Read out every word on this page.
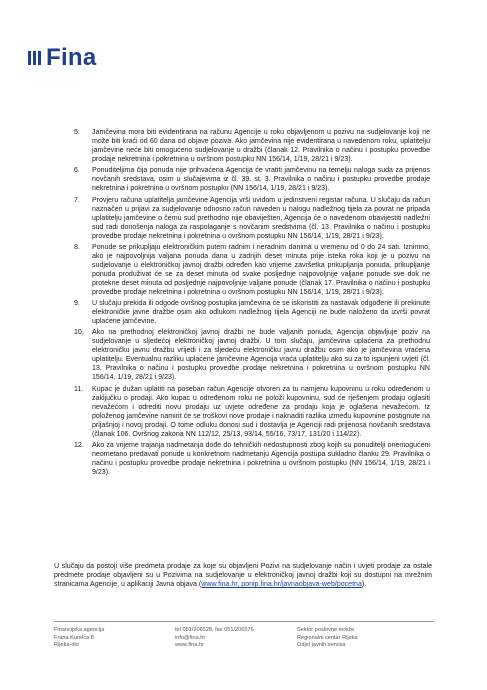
Fina
5.	Jamčevina mora biti evidentirana na računu Agencije u roku objavljenom u pozivu na sudjelovanje koji ne može biti kraći od 60 dana od objave poziva. Ako jamčevina nije evidentirana u navedenom roku, uplatitelju jamčevine neće biti omogućeno sudjelovanje u dražbi (članak 12. Pravilnika o načinu i postupku provedbe prodaje nekretnina i pokretnina u ovršnom postupku NN 156/14, 1/19, 28/21 i 9/23).
6.	Ponuditeljima čija ponuda nije prihvaćena Agencija će vratiti jamčevinu na temelju naloga suda za prijenos novčanih sredstava, osim u slučajevima iz čl. 39. st. 3. Pravilnika o načinu i postupku provedbe prodaje nekretnina i pokretnina u ovršnom postupku (NN 156/14, 1/19, 28/21 i 9/23).
7.	Provjeru računa uplatitelja jamčevine Agencija vrši uvidom u jedinstveni registar računa. U slučaju da račun naznačen u prijavi za sudjelovanje odnosno račun naveden u nalogu nadležnog tijela za povrat ne pripada uplatitelju jamčevine o čemu sud prethodno nije obaviješten, Agencija će o navedenom obavijestiti nadležni sud radi donošenja naloga za raspolaganje s novčanim sredstvima (čl. 13. Pravilnika o načinu i postupku provedbe prodaje nekretnina i pokretnina u ovršnom postupku NN 156/14, 1/19, 28/21 i 9/23).
8.	Ponude se prikupljaju elektroničkim putem radnim i neradnim danima u vremenu od 0 do 24 sati. Iznimno, ako je najpovoljnija valjana ponuda dana u zadnjih deset minuta prije isteka roka koji je u pozivu na sudjelovanje u elektroničkoj javnoj dražbi određen kao vrijeme završetka prikupljanja ponuda, prikupljanje ponuda produživat će se za deset minuta od svake posljednje najpovoljnije valjane ponude sve dok ne protekne deset minuta od posljednje najpovoljnije valjane ponude (članak 17. Pravilnika o načinu i postupku provedbe prodaje nekretnina i pokretnina u ovršnom postupku NN 156/14, 1/19, 28/21 i 9/23).
9.	U slučaju prekida ili odgode ovršnog postupka jamčevina će se iskoristiti za nastavak odgođene ili prekinute elektroničke javne dražbe osim ako odlukom nadležnog tijela Agenciji ne bude naloženo da izvrši povrat uplaćene jamčevine.
10.	Ako na prethodnoj elektroničkoj javnoj dražbi ne bude valjanih ponuda, Agencija objavljuje poziv na sudjelovanje u sljedećoj elektroničkoj javnoj dražbi. U tom slučaju, jamčevina uplaćena za prethodnu elektroničku javnu dražbu vrijedi i za sljedeću elektroničku javnu dražbu osim ako je jamčevina vraćena uplatitelju. Eventualnu razliku uplaćene jamčevine Agencija vraća uplatitelju ako su za to ispunjeni uvjeti (čl. 13. Pravilnika o načinu i postupku provedbe prodaje nekretnina i pokretnina u ovršnom postupku NN 156/14, 1/19, 28/21 i 9/23).
11.	Kupac je dužan uplatiti na poseban račun Agencije otvoren za tu namjenu kupovninu u roku određenom u zaključku o prodaji. Ako kupac u određenom roku ne položi kupovninu, sud će rješenjem prodaju oglasiti nevažećom i odrediti novu prodaju uz uvjete određene za prodaju koja je oglašena nevažećom. Iz položenog jamčevine namirit će se troškovi nove prodaje i naknaditi razlika između kupovnine postignute na prijašnjoj i novoj prodaji. O tome odluku donosi sud i dostavlja je Agenciji radi prijenosa novčanih sredstava (članak 106. Ovršnog zakona NN 112/12, 25/13, 93/14, 55/16, 73/17, 131/20 i 114/22).
12.	Ako za vrijeme trajanja nadmetanja dođe do tehničkih nedostupnosti zbog kojih su ponuditelji onemogućeni neometano predavati ponude u konkretnom nadmetanju Agencija postupa sukladno članku 29. Pravilnika o načinu i postupku provedbe prodaje nekretnina i pokretnina u ovršnom postupku (NN 156/14, 1/19, 28/21 i 9/23).
U slučaju da postoji više predmeta prodaje za koje su objavljeni Pozivi na sudjelovanje način i uvjeti prodaje za ostale predmete prodaje objavljeni su u Pozivima na sudjelovanje u elektroničkoj javnoj dražbi koji su dostupni na mrežnim stranicama Agencije, u aplikaciji Javna objava (www.fina.hr, ponip.fina.hr/javnaobjava-web/pocetna).
Financijska agencija
Frana Kurelca 8
Rijeka-dio
tel 051/206528, fax 051/206576
info@fina.hr
www.fina.hr
Sektor poslovne mreže
Regionalni centar Rijeka
Odjel javnih servisa
